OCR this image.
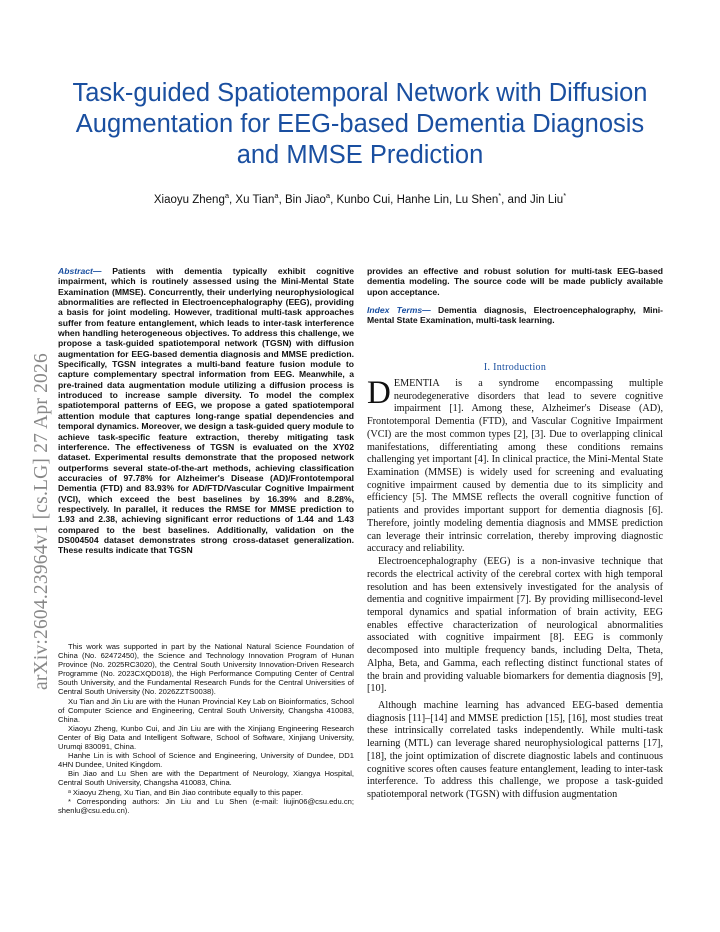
Task-guided Spatiotemporal Network with Diffusion Augmentation for EEG-based Dementia Diagnosis and MMSE Prediction
Xiaoyu Zheng$^a$, Xu Tian$^a$, Bin Jiao$^a$, Kunbo Cui, Hanhe Lin, Lu Shen*, and Jin Liu*
arXiv:2604.23964v1 [cs.LG] 27 Apr 2026

Abstract— Patients with dementia typically exhibit cognitive impairment, which is routinely assessed using the Mini-Mental State Examination (MMSE). Concurrently, their underlying neurophysiological abnormalities are reflected in Electroencephalography (EEG), providing a basis for joint modeling. However, traditional multi-task approaches suffer from feature entanglement, which leads to inter-task interference when handling heterogeneous objectives. To address this challenge, we propose a task-guided spatiotemporal network (TGSN) with diffusion augmentation for EEG-based dementia diagnosis and MMSE prediction. Specifically, TGSN integrates a multi-band feature fusion module to capture complementary spectral information from EEG. Meanwhile, a pre-trained data augmentation module utilizing a diffusion process is introduced to increase sample diversity. To model the complex spatiotemporal patterns of EEG, we propose a gated spatiotemporal attention module that captures long-range spatial dependencies and temporal dynamics. Moreover, we design a task-guided query module to achieve task-specific feature extraction, thereby mitigating task interference. The effectiveness of TGSN is evaluated on the XY02 dataset. Experimental results demonstrate that the proposed network outperforms several state-of-the-art methods, achieving classification accuracies of 97.78% for Alzheimer's Disease (AD)/Frontotemporal Dementia (FTD) and 83.93% for AD/FTD/Vascular Cognitive Impairment (VCI), which exceed the best baselines by 16.39% and 8.28%, respectively. In parallel, it reduces the RMSE for MMSE prediction to 1.93 and 2.38, achieving significant error reductions of 1.44 and 1.43 compared to the best baselines. Additionally, validation on the DS004504 dataset demonstrates strong cross-dataset generalization. These results indicate that TGSN

This work was supported in part by the National Natural Science Foundation of China (No. 62472450), the Science and Technology Innovation Program of Hunan Province (No. 2025RC3020), the Central South University Innovation-Driven Research Programme (No. 2023CXQD018), the High Performance Computing Center of Central South University, and the Fundamental Research Funds for the Central Universities of Central South University (No. 2026ZZTS0038).

Xu Tian and Jin Liu are with the Hunan Provincial Key Lab on Bioinformatics, School of Computer Science and Engineering, Central South University, Changsha 410083, China.

Xiaoyu Zheng, Kunbo Cui, and Jin Liu are with the Xinjiang Engineering Research Center of Big Data and Intelligent Software, School of Software, Xinjiang University, Urumqi 830091, China.

Hanhe Lin is with School of Science and Engineering, University of Dundee, DD1 4HN Dundee, United Kingdom.

Bin Jiao and Lu Shen are with the Department of Neurology, Xiangya Hospital, Central South University, Changsha 410083, China.

ᵃ Xiaoyu Zheng, Xu Tian, and Bin Jiao contribute equally to this paper.

* Corresponding authors: Jin Liu and Lu Shen (e-mail: liujin06@csu.edu.cn; shenlu@csu.edu.cn).

provides an effective and robust solution for multi-task EEG-based dementia modeling. The source code will be made publicly available upon acceptance.

Index Terms— Dementia diagnosis, Electroencephalography, Mini-Mental State Examination, multi-task learning.

I. Introduction

DEMENTIA is a syndrome encompassing multiple neurodegenerative disorders that lead to severe cognitive impairment [1]. Among these, Alzheimer's Disease (AD), Frontotemporal Dementia (FTD), and Vascular Cognitive Impairment (VCI) are the most common types [2], [3]. Due to overlapping clinical manifestations, differentiating among these conditions remains challenging yet important [4]. In clinical practice, the Mini-Mental State Examination (MMSE) is widely used for screening and evaluating cognitive impairment caused by dementia due to its simplicity and efficiency [5]. The MMSE reflects the overall cognitive function of patients and provides important support for dementia diagnosis [6]. Therefore, jointly modeling dementia diagnosis and MMSE prediction can leverage their intrinsic correlation, thereby improving diagnostic accuracy and reliability.

Electroencephalography (EEG) is a non-invasive technique that records the electrical activity of the cerebral cortex with high temporal resolution and has been extensively investigated for the analysis of dementia and cognitive impairment [7]. By providing millisecond-level temporal dynamics and spatial information of brain activity, EEG enables effective characterization of neurological abnormalities associated with cognitive impairment [8]. EEG is commonly decomposed into multiple frequency bands, including Delta, Theta, Alpha, Beta, and Gamma, each reflecting distinct functional states of the brain and providing valuable biomarkers for dementia diagnosis [9], [10].

Although machine learning has advanced EEG-based dementia diagnosis [11]–[14] and MMSE prediction [15], [16], most studies treat these intrinsically correlated tasks independently. While multi-task learning (MTL) can leverage shared neurophysiological patterns [17], [18], the joint optimization of discrete diagnostic labels and continuous cognitive scores often causes feature entanglement, leading to inter-task interference. To address this challenge, we propose a task-guided spatiotemporal network (TGSN) with diffusion augmentation
